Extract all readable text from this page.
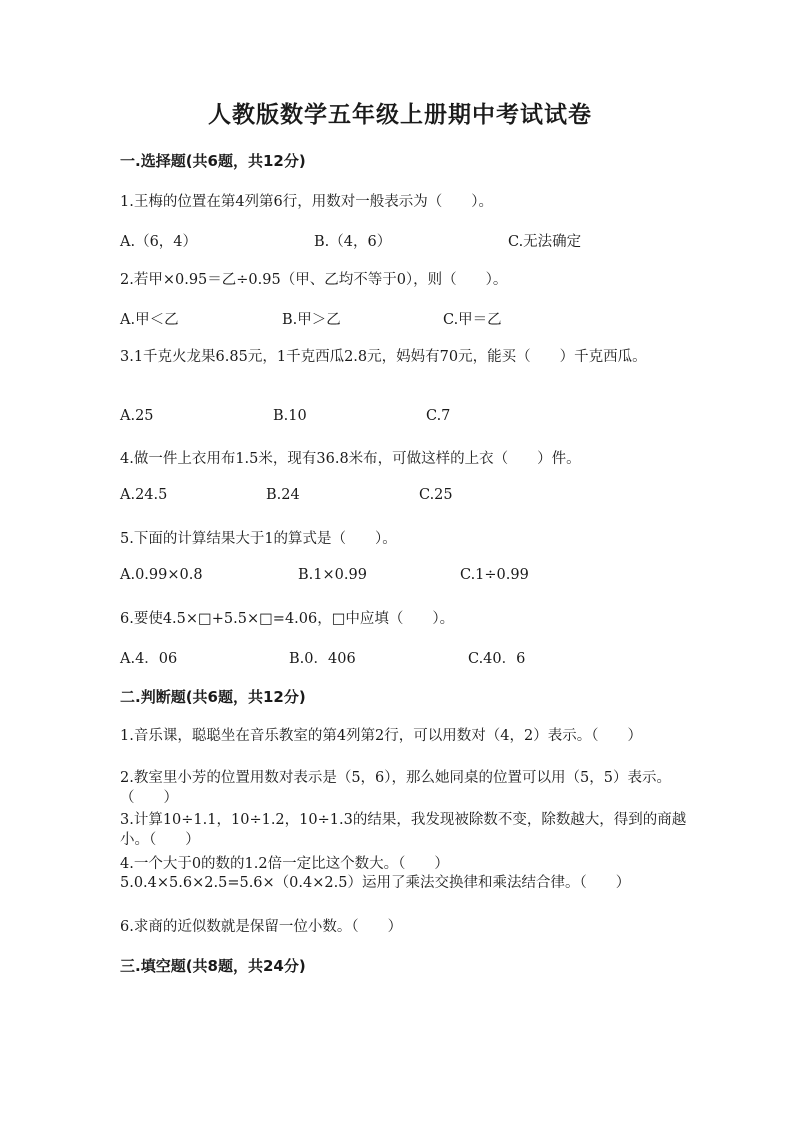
人教版数学五年级上册期中考试试卷
一.选择题(共6题，共12分)
1.王梅的位置在第4列第6行，用数对一般表示为（　　）。
A.（6，4）	B.（4，6）	C.无法确定
2.若甲×0.95＝乙÷0.95（甲、乙均不等于0），则（　　）。
A.甲＜乙	B.甲＞乙	C.甲＝乙
3.1千克火龙果6.85元，1千克西瓜2.8元，妈妈有70元，能买（　　）千克西瓜。
A.25	B.10	C.7
4.做一件上衣用布1.5米，现有36.8米布，可做这样的上衣（　　）件。
A.24.5	B.24	C.25
5.下面的计算结果大于1的算式是（　　）。
A.0.99×0.8	B.1×0.99	C.1÷0.99
6.要使4.5×□+5.5×□=4.06，□中应填（　　）。
A.4．06	B.0．406	C.40．6
二.判断题(共6题，共12分)
1.音乐课，聪聪坐在音乐教室的第4列第2行，可以用数对（4，2）表示。（　　）
2.教室里小芳的位置用数对表示是（5，6），那么她同桌的位置可以用（5，5）表示。（　　）
3.计算10÷1.1，10÷1.2，10÷1.3的结果，我发现被除数不变，除数越大，得到的商越小。（　　）
4.一个大于0的数的1.2倍一定比这个数大。（　　）
5.0.4×5.6×2.5=5.6×（0.4×2.5）运用了乘法交换律和乘法结合律。（　　）
6.求商的近似数就是保留一位小数。（　　）
三.填空题(共8题，共24分)
